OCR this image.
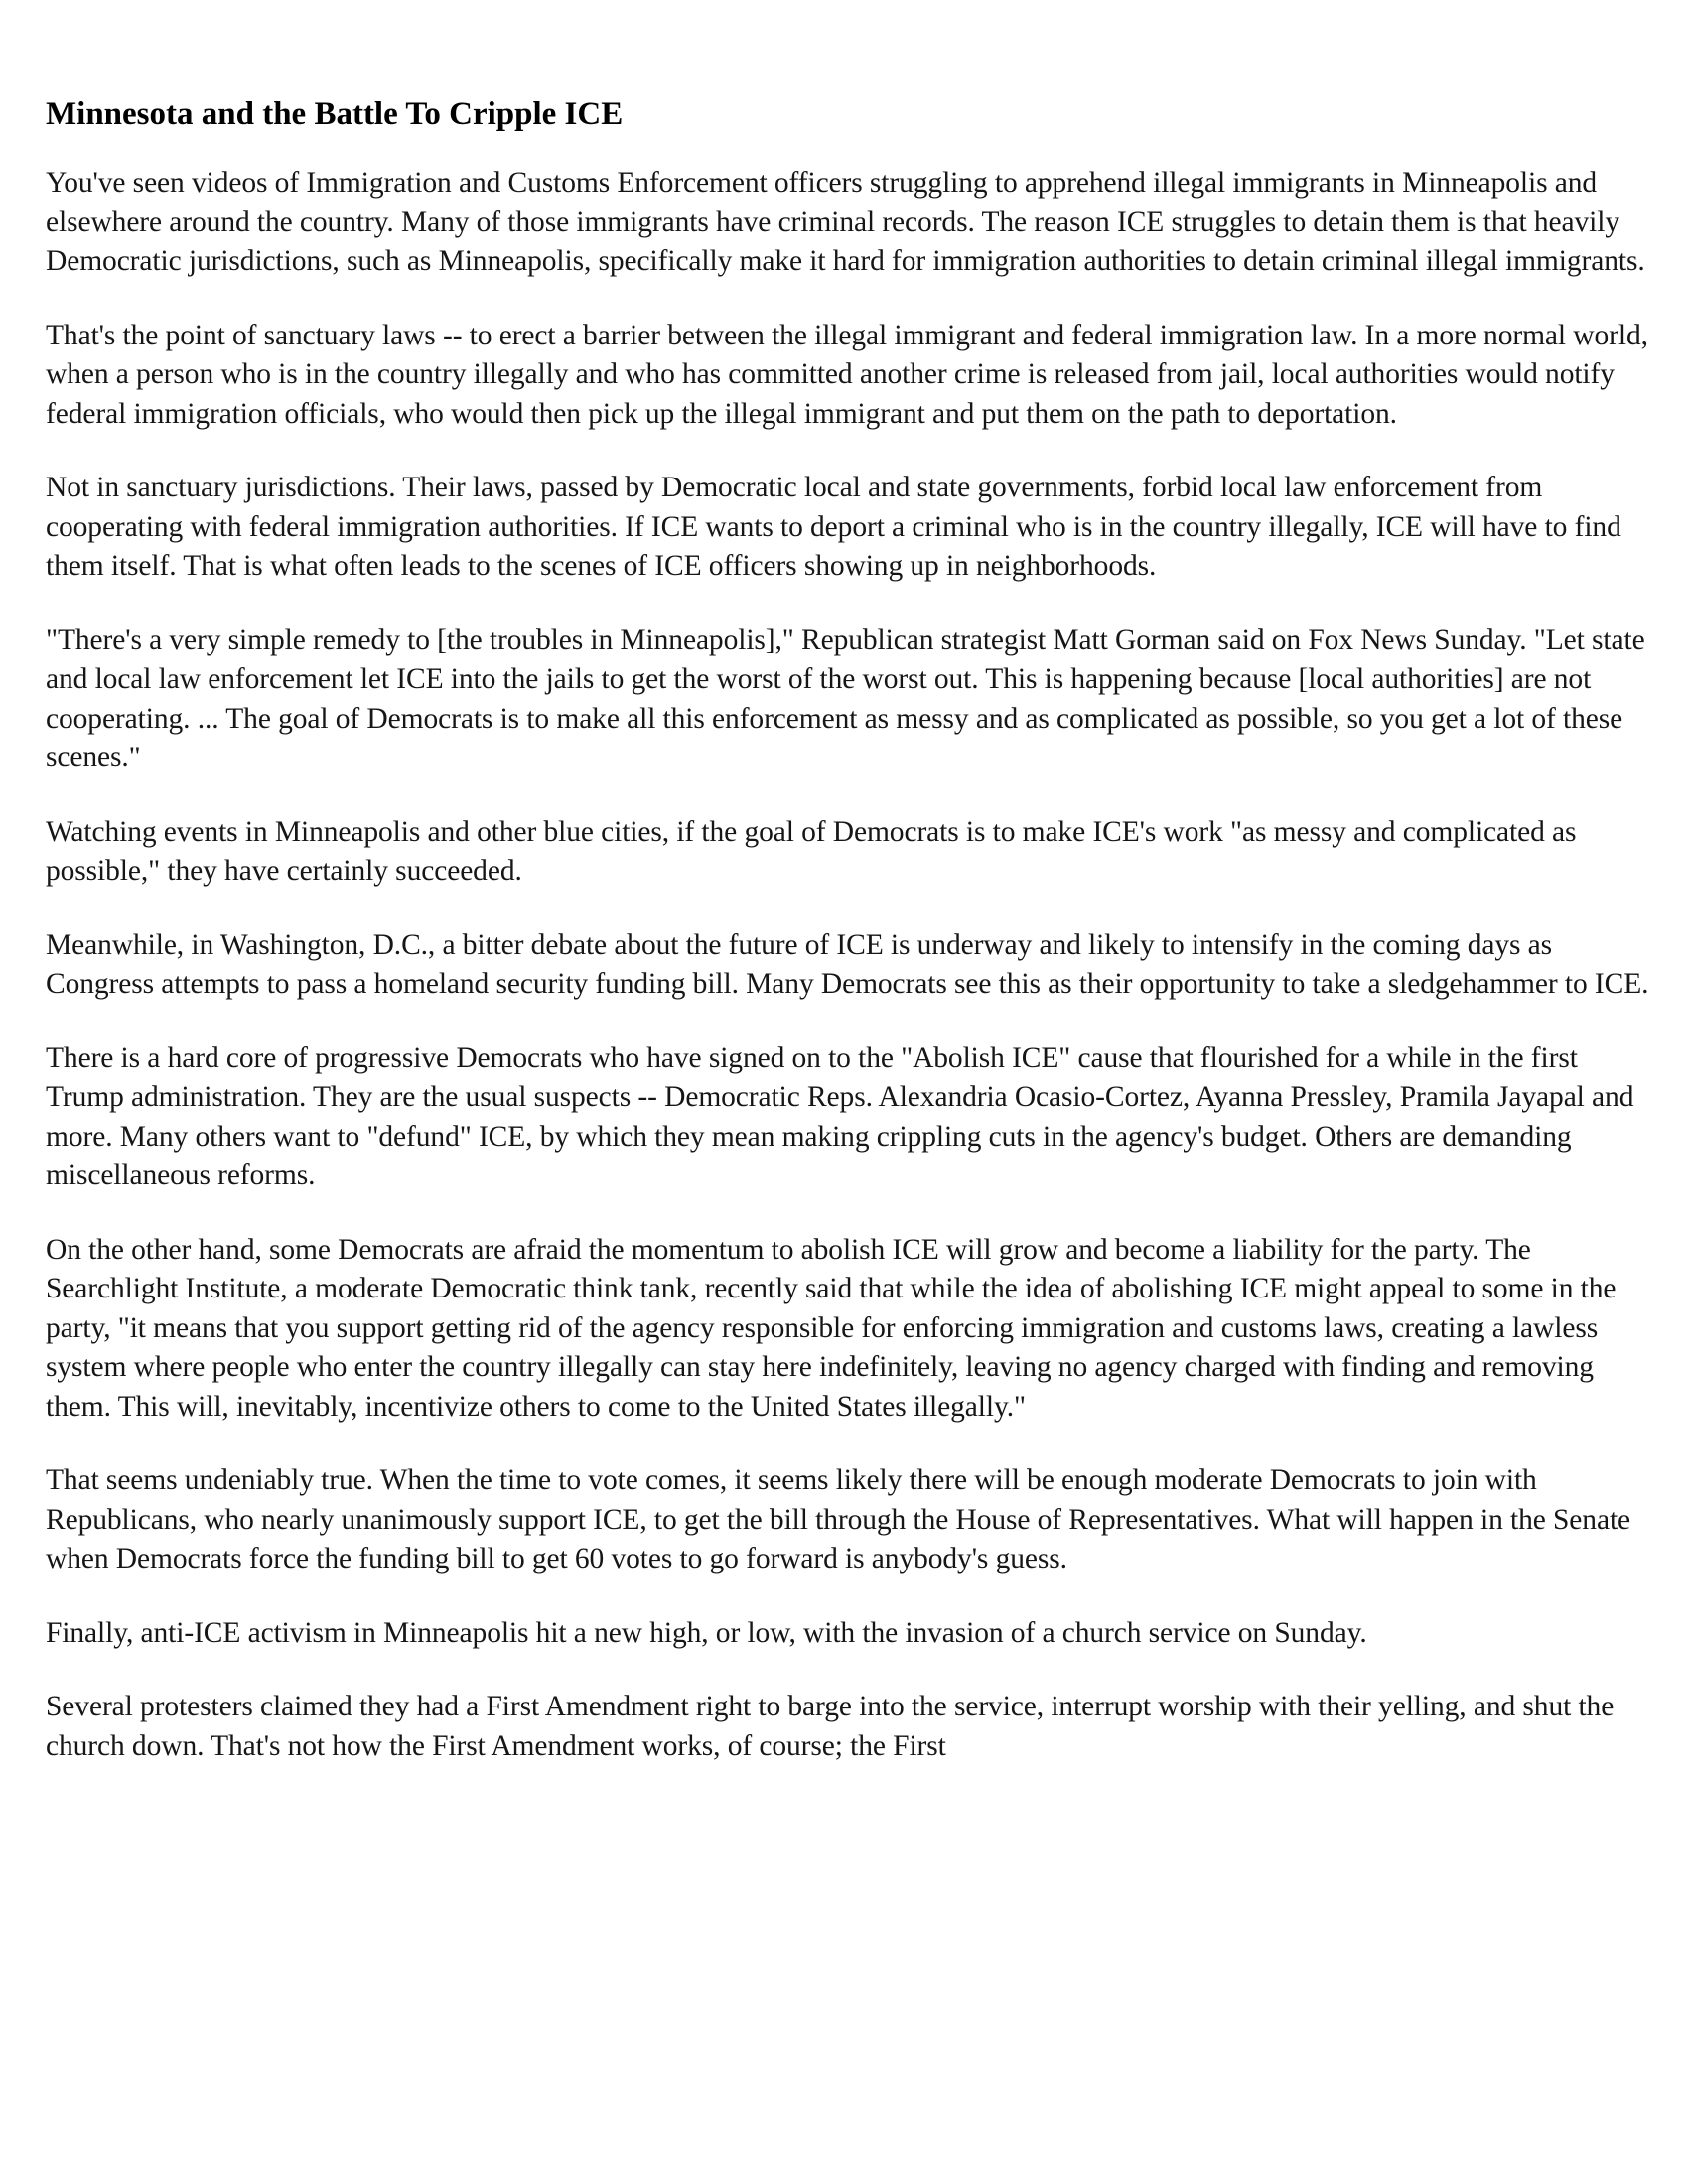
Minnesota and the Battle To Cripple ICE

You've seen videos of Immigration and Customs Enforcement officers struggling to apprehend illegal immigrants in Minneapolis and elsewhere around the country. Many of those immigrants have criminal records. The reason ICE struggles to detain them is that heavily Democratic jurisdictions, such as Minneapolis, specifically make it hard for immigration authorities to detain criminal illegal immigrants.

That's the point of sanctuary laws -- to erect a barrier between the illegal immigrant and federal immigration law. In a more normal world, when a person who is in the country illegally and who has committed another crime is released from jail, local authorities would notify federal immigration officials, who would then pick up the illegal immigrant and put them on the path to deportation.

Not in sanctuary jurisdictions. Their laws, passed by Democratic local and state governments, forbid local law enforcement from cooperating with federal immigration authorities. If ICE wants to deport a criminal who is in the country illegally, ICE will have to find them itself. That is what often leads to the scenes of ICE officers showing up in neighborhoods.

"There's a very simple remedy to [the troubles in Minneapolis]," Republican strategist Matt Gorman said on Fox News Sunday. "Let state and local law enforcement let ICE into the jails to get the worst of the worst out. This is happening because [local authorities] are not cooperating. ... The goal of Democrats is to make all this enforcement as messy and as complicated as possible, so you get a lot of these scenes."

Watching events in Minneapolis and other blue cities, if the goal of Democrats is to make ICE's work "as messy and complicated as possible," they have certainly succeeded.

Meanwhile, in Washington, D.C., a bitter debate about the future of ICE is underway and likely to intensify in the coming days as Congress attempts to pass a homeland security funding bill. Many Democrats see this as their opportunity to take a sledgehammer to ICE.

There is a hard core of progressive Democrats who have signed on to the "Abolish ICE" cause that flourished for a while in the first Trump administration. They are the usual suspects -- Democratic Reps. Alexandria Ocasio-Cortez, Ayanna Pressley, Pramila Jayapal and more. Many others want to "defund" ICE, by which they mean making crippling cuts in the agency's budget. Others are demanding miscellaneous reforms.

On the other hand, some Democrats are afraid the momentum to abolish ICE will grow and become a liability for the party. The Searchlight Institute, a moderate Democratic think tank, recently said that while the idea of abolishing ICE might appeal to some in the party, "it means that you support getting rid of the agency responsible for enforcing immigration and customs laws, creating a lawless system where people who enter the country illegally can stay here indefinitely, leaving no agency charged with finding and removing them. This will, inevitably, incentivize others to come to the United States illegally."

That seems undeniably true. When the time to vote comes, it seems likely there will be enough moderate Democrats to join with Republicans, who nearly unanimously support ICE, to get the bill through the House of Representatives. What will happen in the Senate when Democrats force the funding bill to get 60 votes to go forward is anybody's guess.

Finally, anti-ICE activism in Minneapolis hit a new high, or low, with the invasion of a church service on Sunday.

Several protesters claimed they had a First Amendment right to barge into the service, interrupt worship with their yelling, and shut the church down. That's not how the First Amendment works, of course; the First
